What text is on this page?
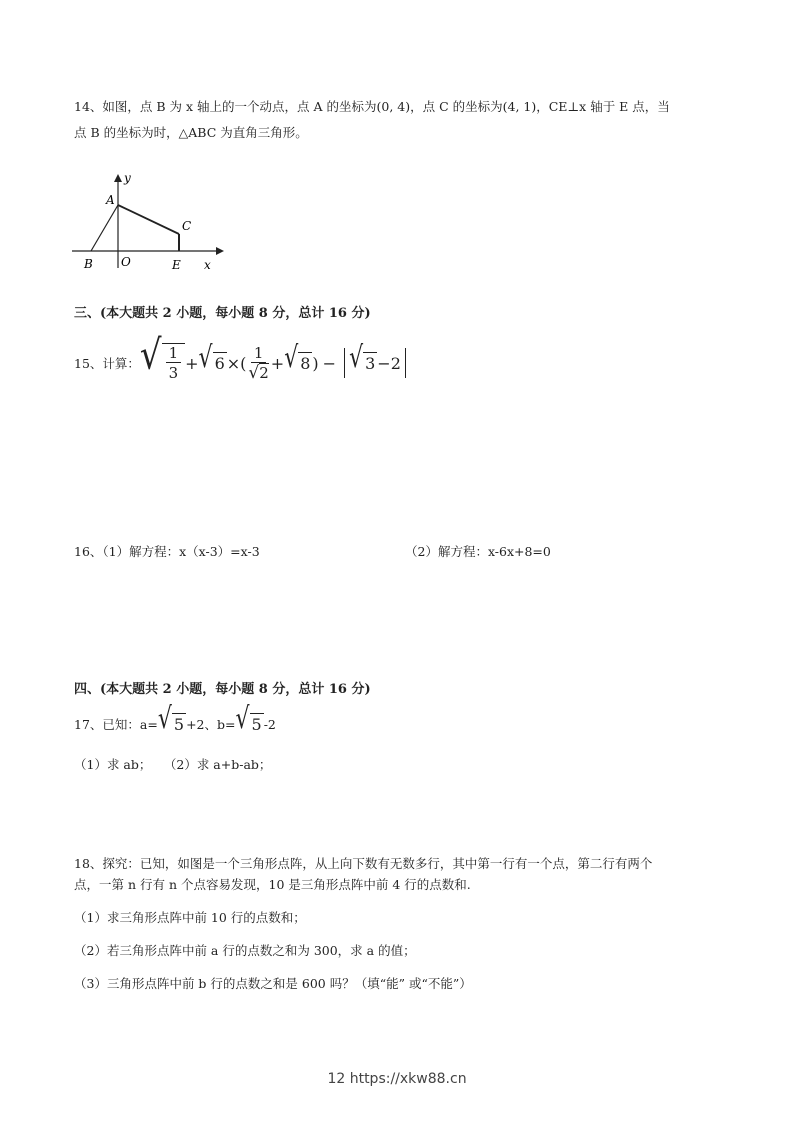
14、如图，点 B 为 x 轴上的一个动点，点 A 的坐标为(0, 4)，点 C 的坐标为(4, 1)，CE⊥x 轴于 E 点，当
点 B 的坐标为时，△ABC 为直角三角形。
y
A
C
B O	E x
三、(本大题共 2 小题，每小题 8 分，总计 16 分)
15、计算： √ $\frac{1}{3}$ + √ 6 × ( $\frac{1}{√2}$ + √ 8 ) − √ 3 −2
16、（1）解方程：x（x-3）=x-3	（2）解方程：x-6x+8=0
四、(本大题共 2 小题，每小题 8 分，总计 16 分)
17、已知：a= √ 5 +2、b= √ 5 -2
（1）求 ab；　　（2）求 a+b-ab；
18、探究：已知，如图是一个三角形点阵，从上向下数有无数多行，其中第一行有一个点，第二行有两个
点，一第 n 行有 n 个点容易发现，10 是三角形点阵中前 4 行的点数和.
（1）求三角形点阵中前 10 行的点数和；
（2）若三角形点阵中前 a 行的点数之和为 300，求 a 的值；
（3）三角形点阵中前 b 行的点数之和是 600 吗？（填“能” 或“不能”）
12 https://xkw88.cn
